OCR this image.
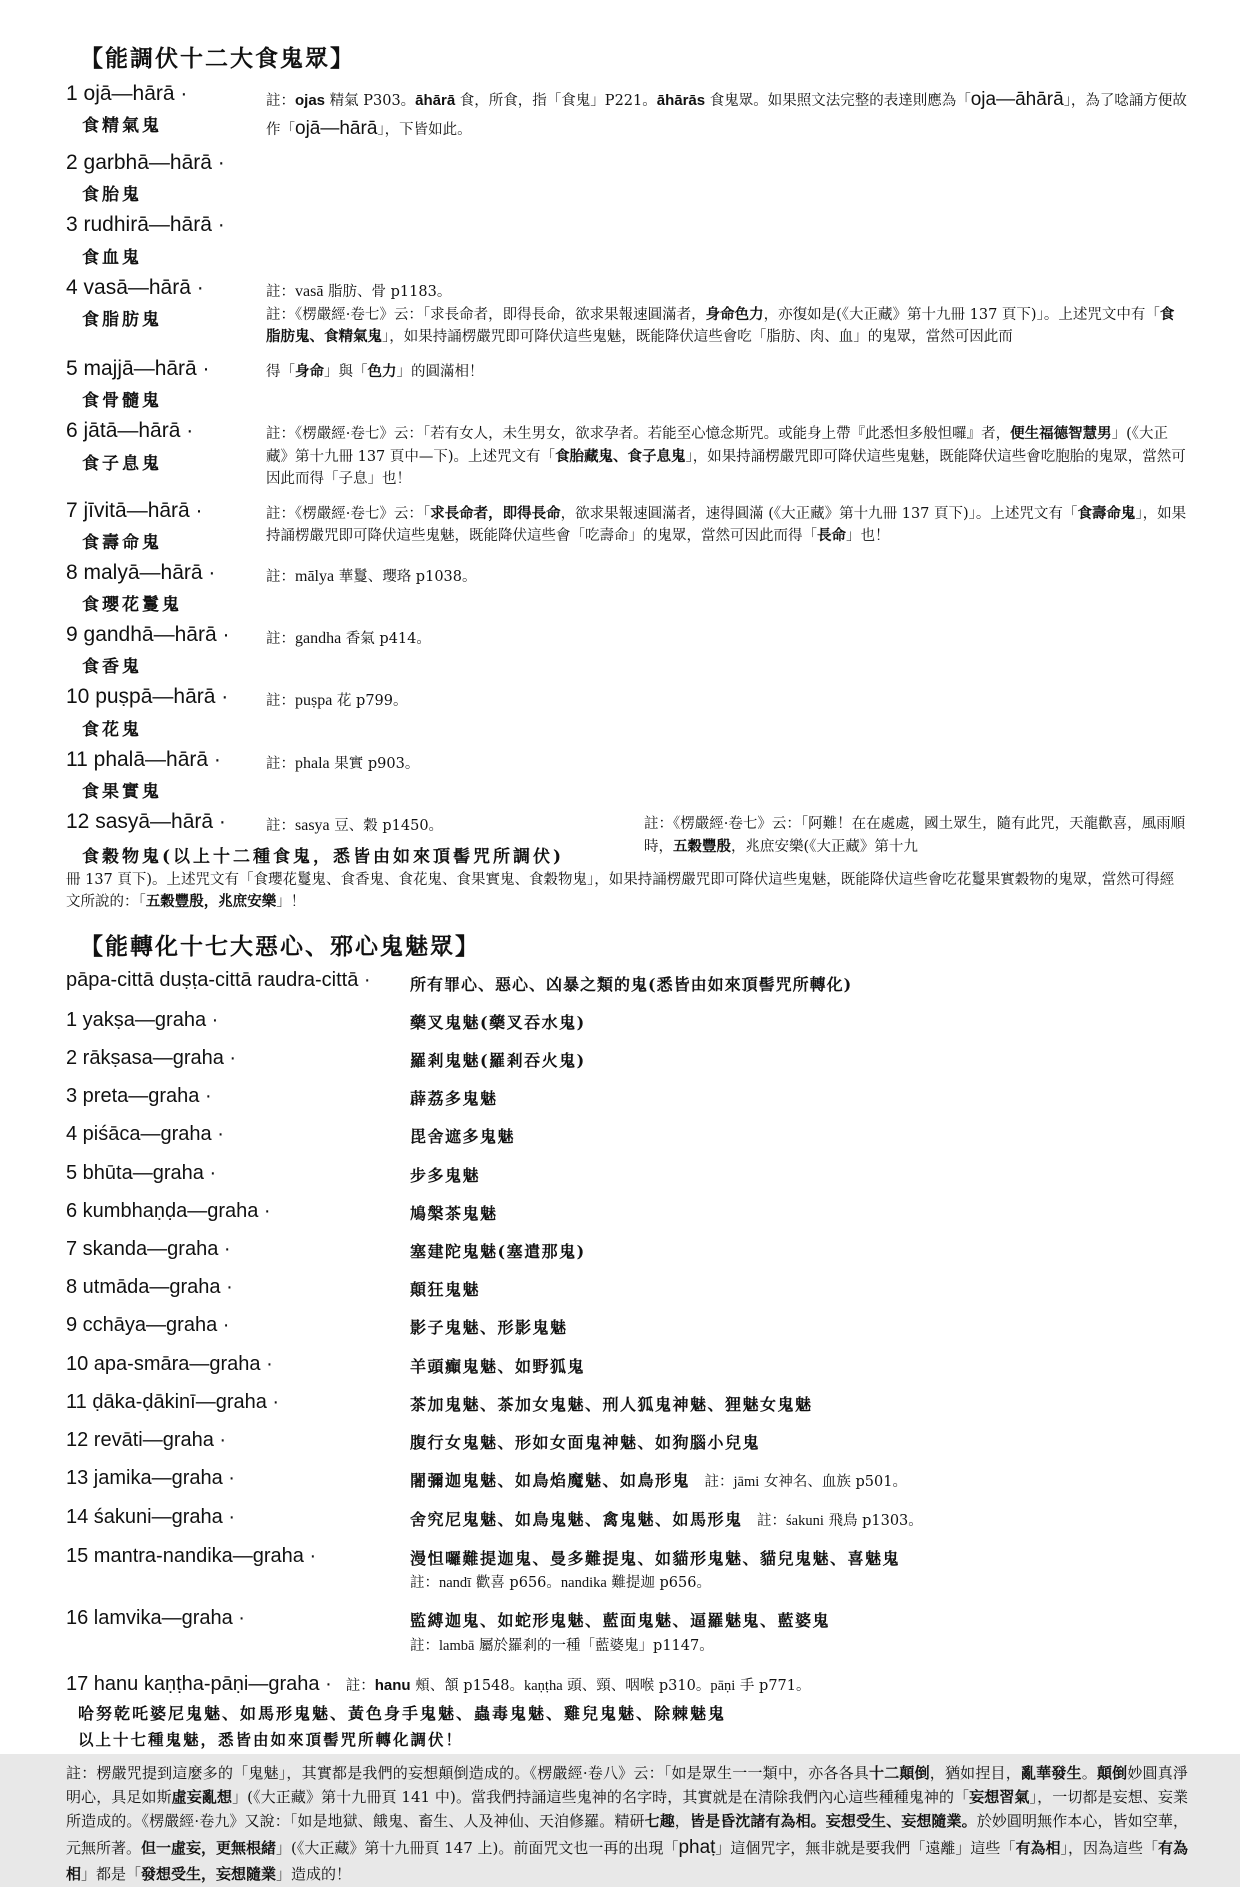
【能調伏十二大食鬼眾】
1 ojā—hārā ·
食精氣鬼
註：ojas 精氣 P303。āhārā 食，所食，指「食鬼」P221。āhārās 食鬼眾。如果照文法完整的表達則應為「oja—āhārā」，為了唸誦方便故作「ojā—hārā」，下皆如此。
2 garbhā—hārā ·
食胎鬼
3 rudhirā—hārā ·
食血鬼
4 vasā—hārā ·
食脂肪鬼
註：vasā 脂肪、骨 p1183。
註：《楞嚴經·卷七》云：「求長命者，即得長命，欲求果報速圓滿者，身命色力，亦復如是(《大正藏》第十九冊 137 頁下)」。上述咒文中有「食脂肪鬼、食精氣鬼」，如果持誦楞嚴咒即可降伏這些鬼魅，既能降伏這些會吃「脂肪、肉、血」的鬼眾，當然可因此而
5 majjā—hārā ·
食骨髓鬼
得「身命」與「色力」的圓滿相！
6 jātā—hārā ·
食子息鬼
註：《楞嚴經·卷七》云：「若有女人，未生男女，欲求孕者。若能至心憶念斯咒。或能身上帶『此悉怛多般怛囉』者，便生福德智慧男」(《大正藏》第十九冊 137 頁中—下)。上述咒文有「食胎藏鬼、食子息鬼」，如果持誦楞嚴咒即可降伏這些鬼魅，既能降伏這些會吃胞胎的鬼眾，當然可因此而得「子息」也！
7 jīvitā—hārā ·
食壽命鬼
註：《楞嚴經·卷七》云：「求長命者，即得長命，欲求果報速圓滿者，速得圓滿 (《大正藏》第十九冊 137 頁下)」。上述咒文有「食壽命鬼」，如果持誦楞嚴咒即可降伏這些鬼魅，既能降伏這些會「吃壽命」的鬼眾，當然可因此而得「長命」也！
8 malyā—hārā ·
食瓔花鬘鬼
註：mālya 華鬘、瓔珞 p1038。
9 gandhā—hārā ·
食香鬼
註：gandha 香氣 p414。
10 puṣpā—hārā ·
食花鬼
註：puṣpa 花 p799。
11 phalā—hārā ·
食果實鬼
註：phala 果實 p903。
12 sasyā—hārā ·	註：sasya 豆、穀 p1450。	註：《楞嚴經·卷七》云：「阿難！在在處處，國土眾生，隨有此咒，天龍歡喜，風雨順時，五穀豐殷，兆庶安樂(《大正藏》第十九
食穀物鬼(以上十二種食鬼，悉皆由如來頂髻咒所調伏)
冊 137 頁下)。上述咒文有「食瓔花鬘鬼、食香鬼、食花鬼、食果實鬼、食穀物鬼」，如果持誦楞嚴咒即可降伏這些鬼魅，既能降伏這些會吃花鬘果實穀物的鬼眾，當然可得經文所說的：「五穀豐殷，兆庶安樂」！
【能轉化十七大惡心、邪心鬼魅眾】
pāpa-cittā duṣṭa-cittā raudra-cittā ·	所有罪心、惡心、凶暴之類的鬼(悉皆由如來頂髻咒所轉化)
1 yakṣa—graha ·	藥叉鬼魅(藥叉吞水鬼)
2 rākṣasa—graha ·	羅剎鬼魅(羅剎吞火鬼)
3 preta—graha ·	薜荔多鬼魅
4 piśāca—graha ·	毘舍遮多鬼魅
5 bhūta—graha ·	步多鬼魅
6 kumbhaṇḍa—graha ·	鳩槃茶鬼魅
7 skanda—graha ·	塞建陀鬼魅(塞遣那鬼)
8 utmāda—graha ·	顛狂鬼魅
9 cchāya—graha ·	影子鬼魅、形影鬼魅
10 apa-smāra—graha ·	羊頭癲鬼魅、如野狐鬼
11 ḍāka-ḍākinī—graha ·	茶加鬼魅、茶加女鬼魅、刑人狐鬼神魅、狸魅女鬼魅
12 revāti—graha ·	腹行女鬼魅、形如女面鬼神魅、如狗腦小兒鬼
13 jamika—graha ·	闍彌迦鬼魅、如鳥焰魔魅、如鳥形鬼　註：jāmi 女神名、血族 p501。
14 śakuni—graha ·	舍究尼鬼魅、如鳥鬼魅、禽鬼魅、如馬形鬼　註：śakuni 飛鳥 p1303。
15 mantra-nandika—graha ·	漫怛囉難提迦鬼、曼多難提鬼、如貓形鬼魅、貓兒鬼魅、喜魅鬼
註：nandī 歡喜 p656。nandika 難提迦 p656。
16 lamvika—graha ·	監縛迦鬼、如蛇形鬼魅、藍面鬼魅、逼羅魅鬼、藍婆鬼
註：lambā 屬於羅剎的一種「藍婆鬼」p1147。
17 hanu kaṇṭha-pāṇi—graha · 註：hanu 頰、頷 p1548。kaṇṭha 頭、頸、咽喉 p310。pāṇi 手 p771。
哈努乾吒婆尼鬼魅、如馬形鬼魅、黃色身手鬼魅、蟲毒鬼魅、雞兒鬼魅、除棘魅鬼
以上十七種鬼魅，悉皆由如來頂髻咒所轉化調伏！
註：楞嚴咒提到這麼多的「鬼魅」，其實都是我們的妄想顛倒造成的。《楞嚴經·卷八》云：「如是眾生一一類中，亦各各具十二顛倒，猶如捏目，亂華發生。顛倒妙圓真淨明心，具足如斯虛妄亂想」(《大正藏》第十九冊頁 141 中)。當我們持誦這些鬼神的名字時，其實就是在清除我們內心這些種種鬼神的「妄想習氣」，一切都是妄想、妄業所造成的。《楞嚴經·卷九》又說：「如是地獄、餓鬼、畜生、人及神仙、天洎修羅。精研七趣，皆是昏沈諸有為相。妄想受生、妄想隨業。於妙圓明無作本心，皆如空華，元無所著。但一虛妄，更無根緒」(《大正藏》第十九冊頁 147 上)。前面咒文也一再的出現「phaṭ」這個咒字，無非就是要我們「遠離」這些「有為相」，因為這些「有為相」都是「發想受生，妄想隨業」造成的！
